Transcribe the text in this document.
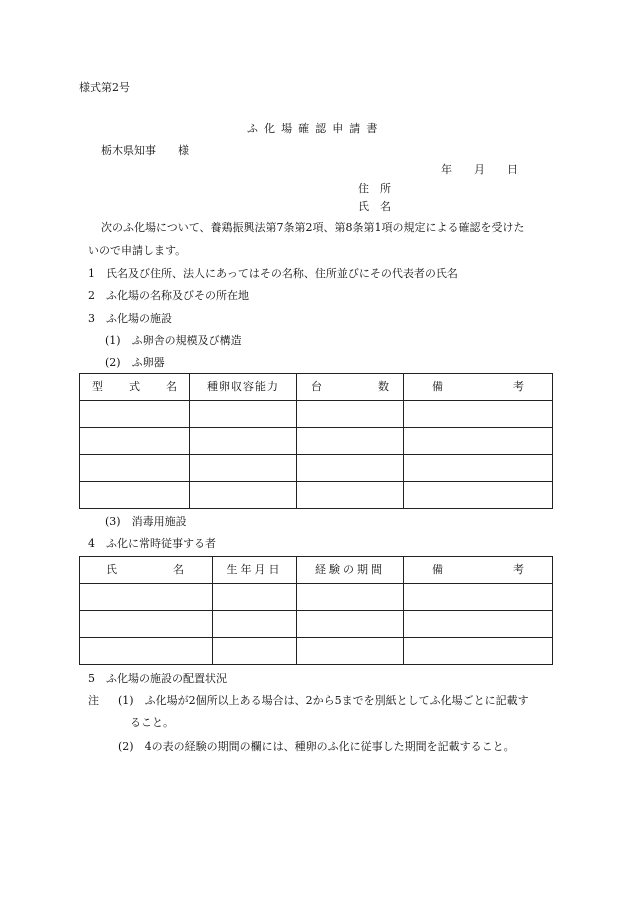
様式第2号
ふ化場確認申請書
栃木県知事　　様
年　　月　　日
住　所
氏　名
次のふ化場について、養鶏振興法第7条第2項、第8条第1項の規定による確認を受けた
いので申請します。
1　氏名及び住所、法人にあってはその名称、住所並びにその代表者の氏名
2　ふ化場の名称及びその所在地
3　ふ化場の施設
(1)　ふ卵舎の規模及び構造
(2)　ふ卵器
型 式 名	種卵収容能力	台 数	備 考

(3)　消毒用施設
4　ふ化に常時従事する者
氏 名	生年月日	経験の期間	備 考

5　ふ化場の施設の配置状況
注 (1)　ふ化場が2個所以上ある場合は、2から5までを別紙としてふ化場ごとに記載す
ること。
(2)　4の表の経験の期間の欄には、種卵のふ化に従事した期間を記載すること。
